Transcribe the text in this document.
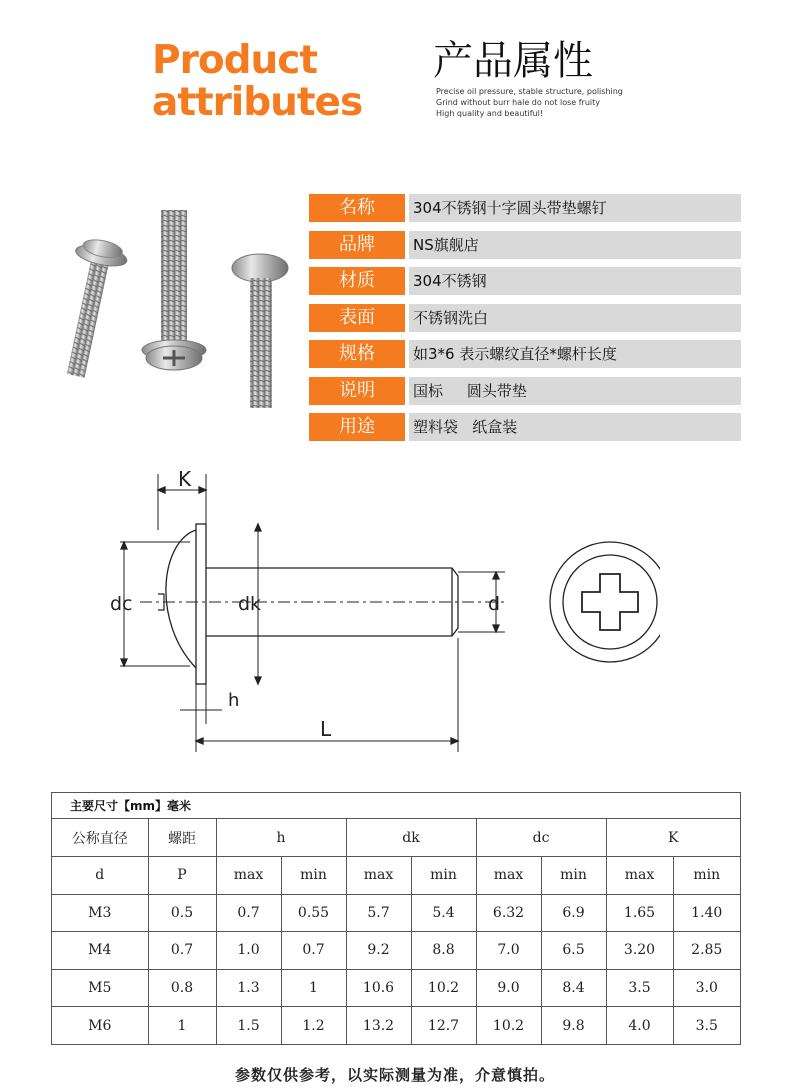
Product
attributes
产品属性
Precise oil pressure, stable structure, polishing
Grind without burr hale do not lose fruity
High quality and beautiful!
名称	304不锈钢十字圆头带垫螺钉
品牌	NS旗舰店
材质	304不锈钢
表面	不锈钢洗白
规格	如3*6 表示螺纹直径*螺杆长度
说明	国标     圆头带垫
用途	塑料袋   纸盒装
K
dc	dk	d
h
L
主要尺寸【mm】毫米
公称直径	螺距	h		dk		dc		K	
d	P	max	min	max	min	max	min	max	min
M3	0.5	0.7	0.55	5.7	5.4	6.32	6.9	1.65	1.40
M4	0.7	1.0	0.7	9.2	8.8	7.0	6.5	3.20	2.85
M5	0.8	1.3	1	10.6	10.2	9.0	8.4	3.5	3.0
M6	1	1.5	1.2	13.2	12.7	10.2	9.8	4.0	3.5
参数仅供参考，以实际测量为准，介意慎拍。
